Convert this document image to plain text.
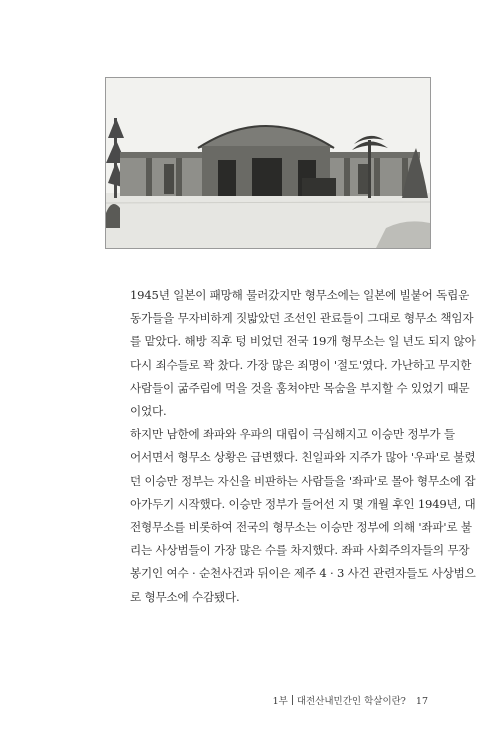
1945년 일본이 패망해 물러갔지만 형무소에는 일본에 빌붙어 독립운
동가들을 무자비하게 짓밟았던 조선인 관료들이 그대로 형무소 책임자
를 맡았다. 해방 직후 텅 비었던 전국 19개 형무소는 일 년도 되지 않아
다시 죄수들로 꽉 찼다. 가장 많은 죄명이 '절도'였다. 가난하고 무지한
사람들이 굶주림에 먹을 것을 훔쳐야만 목숨을 부지할 수 있었기 때문
이었다.

하지만 남한에 좌파와 우파의 대립이 극심해지고 이승만 정부가 들
어서면서 형무소 상황은 급변했다. 친일파와 지주가 많아 '우파'로 불렸
던 이승만 정부는 자신을 비판하는 사람들을 '좌파'로 몰아 형무소에 잡
아가두기 시작했다. 이승만 정부가 들어선 지 몇 개월 후인 1949년, 대
전형무소를 비롯하여 전국의 형무소는 이승만 정부에 의해 '좌파'로 불
리는 사상범들이 가장 많은 수를 차지했다. 좌파 사회주의자들의 무장
봉기인 여수 · 순천사건과 뒤이은 제주 4 · 3 사건 관련자들도 사상범으
로 형무소에 수감됐다.

1부 대전산내민간인 학살이란? 17
